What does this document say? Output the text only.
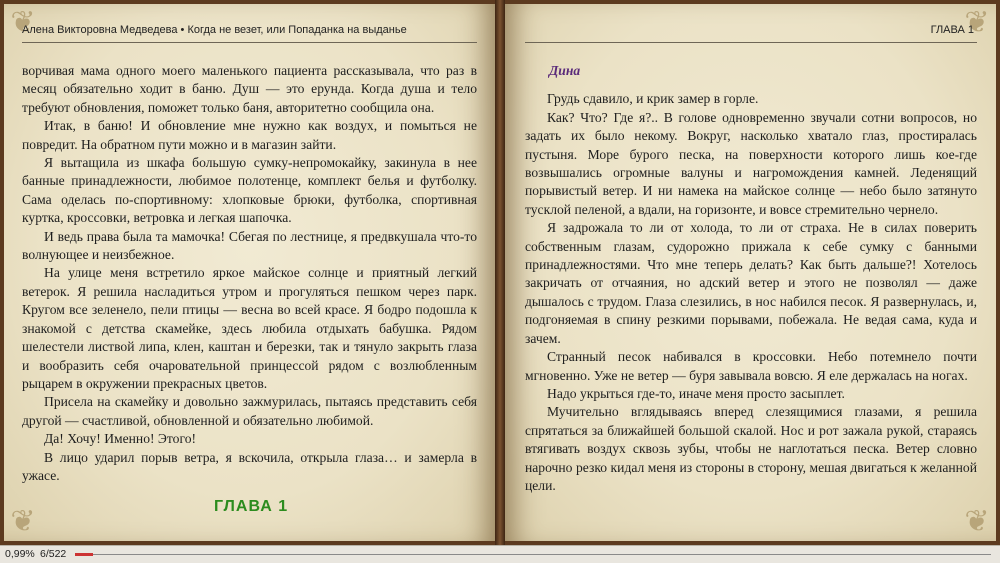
❦
❦
Алена Викторовна Медведева • Когда не везет, или Попаданка на выданье

ворчивая мама одного моего маленького пациента рассказывала, что раз в месяц обязательно ходит в баню. Душ — это ерунда. Когда душа и тело требуют обновления, поможет только баня, авторитетно сообщила она.

Итак, в баню! И обновление мне нужно как воздух, и помыться не повредит. На обратном пути можно и в магазин зайти.

Я вытащила из шкафа большую сумку-непромокайку, закинула в нее банные принадлежности, любимое полотенце, комплект белья и футболку. Сама оделась по-спортивному: хлопковые брюки, футболка, спортивная куртка, кроссовки, ветровка и легкая шапочка.

И ведь права была та мамочка! Сбегая по лестнице, я предвкушала что-то волнующее и неизбежное.

На улице меня встретило яркое майское солнце и приятный легкий ветерок. Я решила насладиться утром и прогуляться пешком через парк. Кругом все зеленело, пели птицы — весна во всей красе. Я бодро подошла к знакомой с детства скамейке, здесь любила отдыхать бабушка. Рядом шелестели листвой липа, клен, каштан и березки, так и тянуло закрыть глаза и вообразить себя очаровательной принцессой рядом с возлюбленным рыцарем в окружении прекрасных цветов.

Присела на скамейку и довольно зажмурилась, пытаясь представить себя другой — счастливой, обновленной и обязательно любимой.

Да! Хочу! Именно! Этого!

В лицо ударил порыв ветра, я вскочила, открыла глаза… и замерла в ужасе.

ГЛАВА 1
❦
❦
ГЛАВА 1

Дина

Грудь сдавило, и крик замер в горле.

Как? Что? Где я?.. В голове одновременно звучали сотни вопросов, но задать их было некому. Вокруг, насколько хватало глаз, простиралась пустыня. Море бурого песка, на поверхности которого лишь кое-где возвышались огромные валуны и нагромождения камней. Леденящий порывистый ветер. И ни намека на майское солнце — небо было затянуто тусклой пеленой, а вдали, на горизонте, и вовсе стремительно чернело.

Я задрожала то ли от холода, то ли от страха. Не в силах поверить собственным глазам, судорожно прижала к себе сумку с банными принадлежностями. Что мне теперь делать? Как быть дальше?! Хотелось закричать от отчаяния, но адский ветер и этого не позволял — даже дышалось с трудом. Глаза слезились, в нос набился песок. Я развернулась, и, подгоняемая в спину резкими порывами, побежала. Не ведая сама, куда и зачем.

Странный песок набивался в кроссовки. Небо потемнело почти мгновенно. Уже не ветер — буря завывала вовсю. Я еле держалась на ногах.

Надо укрыться где-то, иначе меня просто засыплет.

Мучительно вглядываясь вперед слезящимися глазами, я решила спрятаться за ближайшей большой скалой. Нос и рот зажала рукой, стараясь втягивать воздух сквозь зубы, чтобы не наглотаться песка. Ветер словно нарочно резко кидал меня из стороны в сторону, мешая двигаться к желанной цели.

0,99% 6/522
